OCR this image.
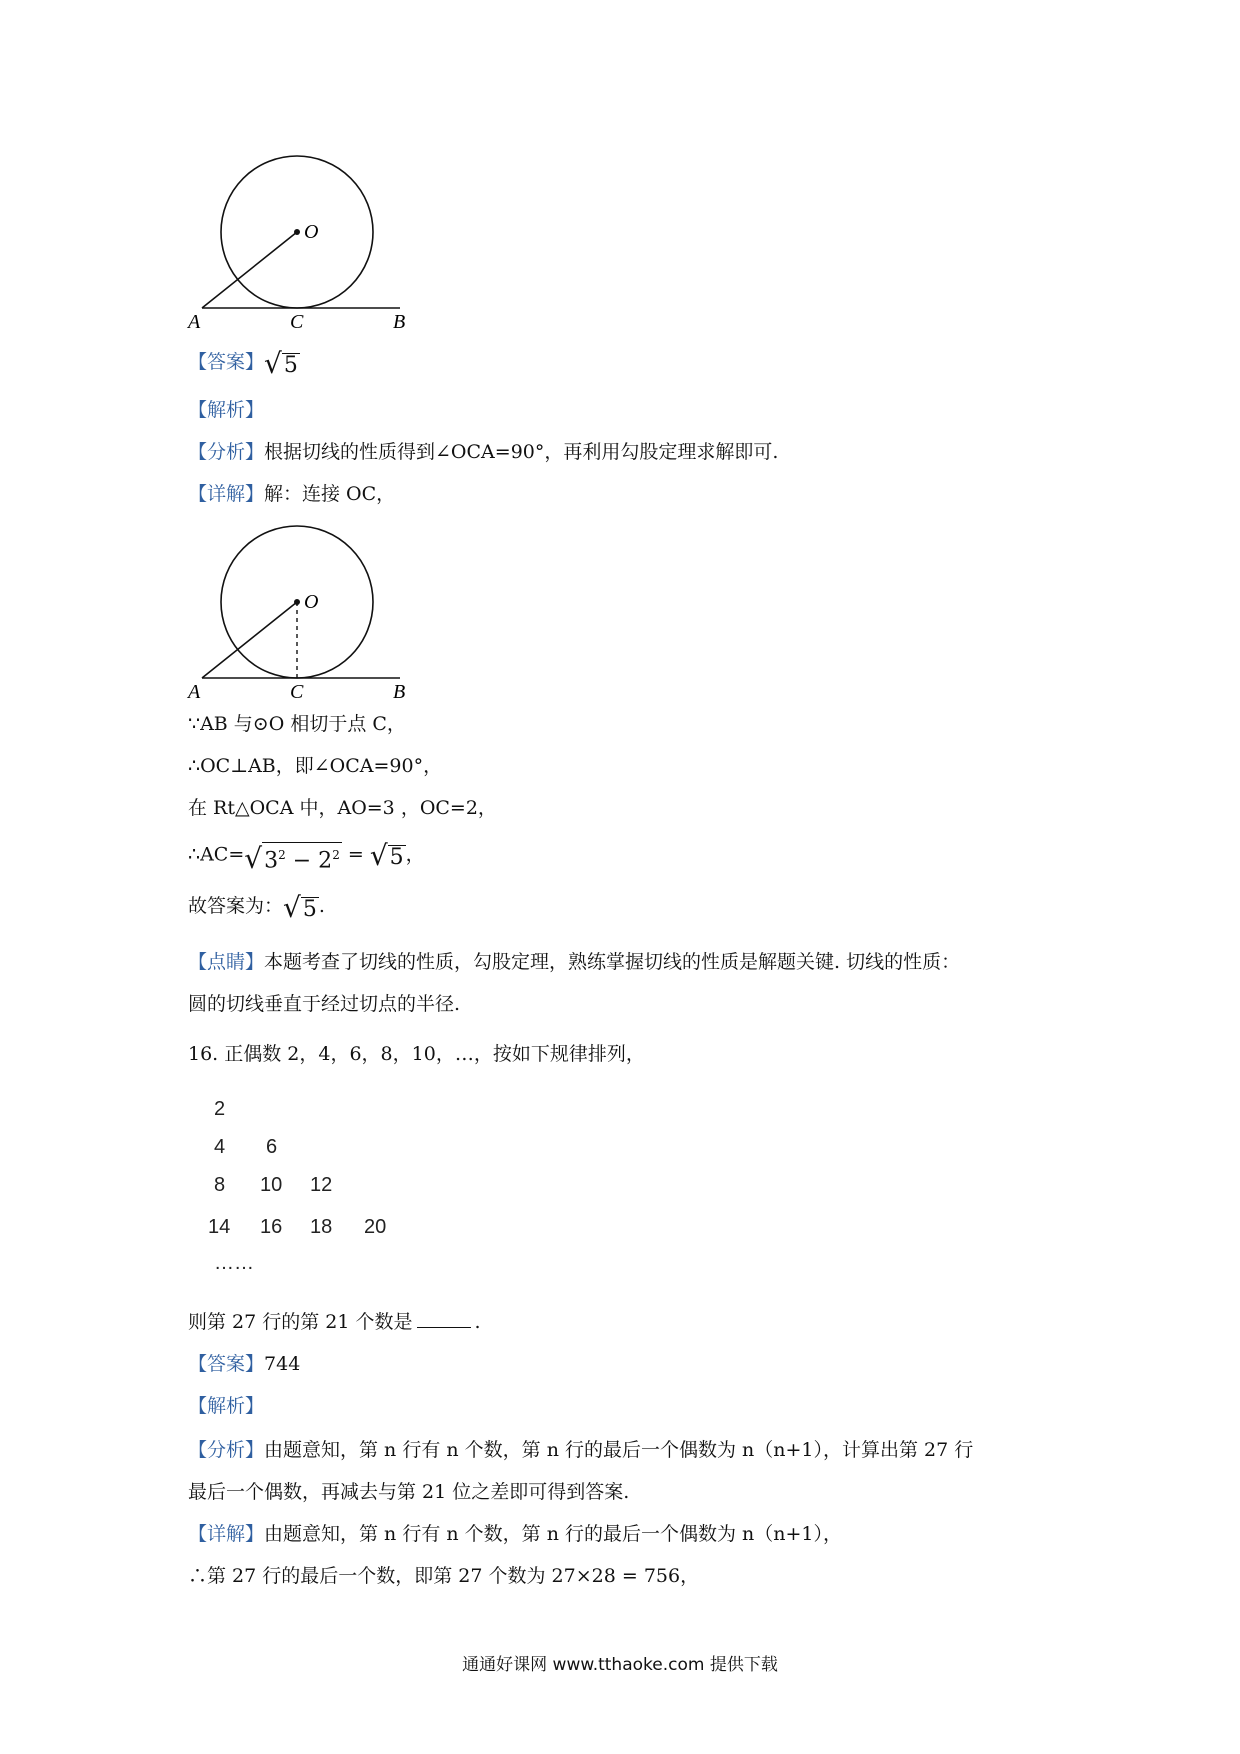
O
A	C	B
【答案】 √ 5
【解析】
【分析】根据切线的性质得到∠OCA=90°，再利用勾股定理求解即可.
【详解】解：连接 OC，
O
A	C	B
∵AB 与⊙O 相切于点 C，
∴OC⊥AB，即∠OCA=90°，
在 Rt△OCA 中，AO=3 ，OC=2，
∴AC= √ $3^2 - 2^2$ = √ 5 ，
故答案为： √ 5 .
【点睛】本题考查了切线的性质，勾股定理，熟练掌握切线的性质是解题关键. 切线的性质：
圆的切线垂直于经过切点的半径.
16. 正偶数 2，4，6，8，10，…，按如下规律排列，
2
4 6
8 10 12
14 16 18 20
……
则第 27 行的第 21 个数是	.
【答案】744
【解析】
【分析】由题意知，第 n 行有 n 个数，第 n 行的最后一个偶数为 n（n+1），计算出第 27 行
最后一个偶数，再减去与第 21 位之差即可得到答案.
【详解】由题意知，第 n 行有 n 个数，第 n 行的最后一个偶数为 n（n+1），
∴第 27 行的最后一个数，即第 27 个数为 27×28 = 756，
通通好课网 www.tthaoke.com 提供下载
